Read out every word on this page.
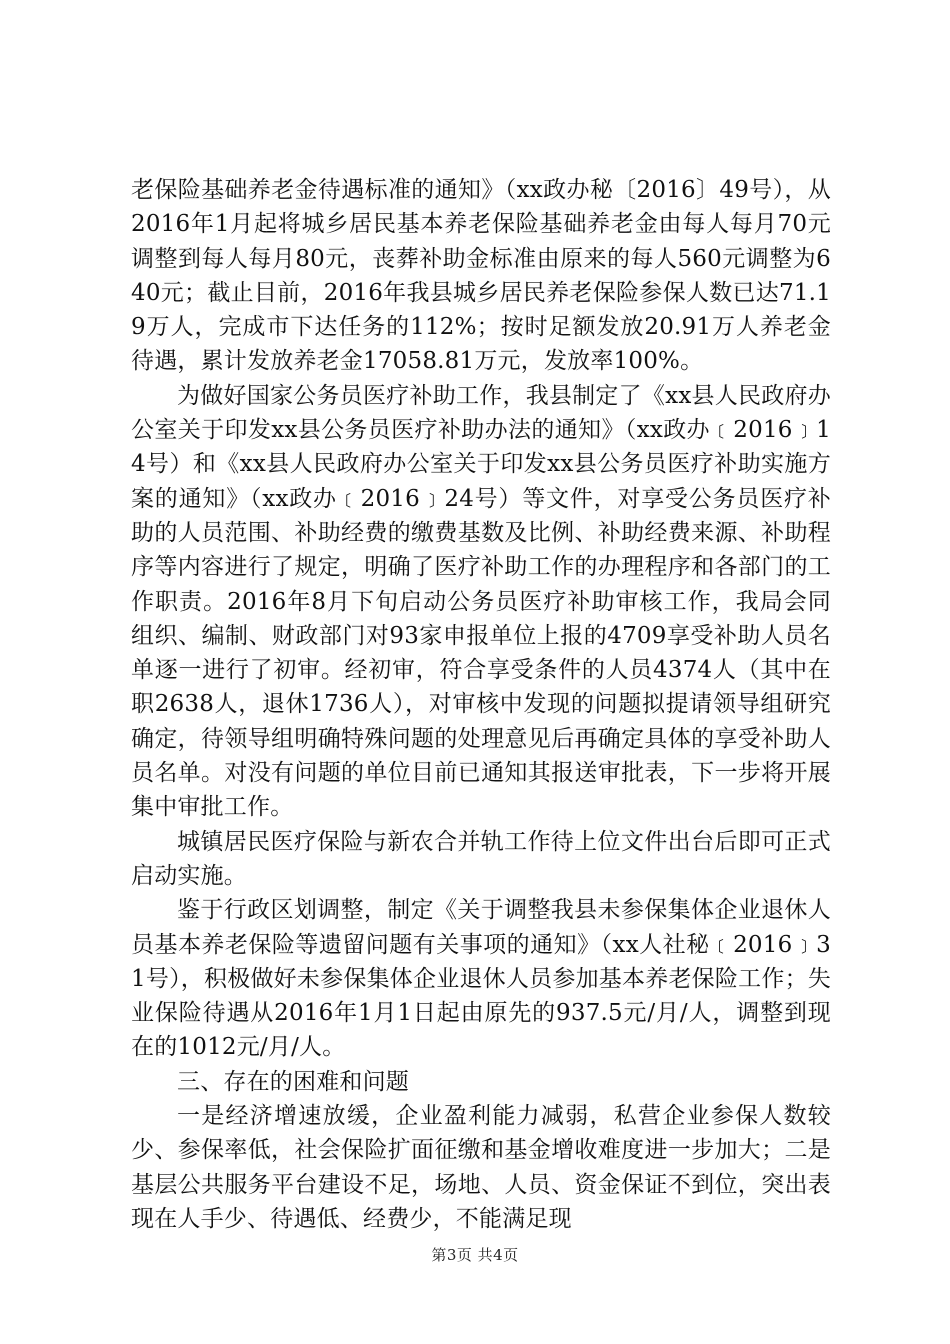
老保险基础养老金待遇标准的通知》（xx政办秘〔2016〕49号），从2016年1月起将城乡居民基本养老保险基础养老金由每人每月70元调整到每人每月80元，丧葬补助金标准由原来的每人560元调整为640元；截止目前，2016年我县城乡居民养老保险参保人数已达71.19万人，完成市下达任务的112%；按时足额发放20.91万人养老金待遇，累计发放养老金17058.81万元，发放率100%。

为做好国家公务员医疗补助工作，我县制定了《xx县人民政府办公室关于印发xx县公务员医疗补助办法的通知》（xx政办﹝2016﹞14号）和《xx县人民政府办公室关于印发xx县公务员医疗补助实施方案的通知》（xx政办﹝2016﹞24号）等文件，对享受公务员医疗补助的人员范围、补助经费的缴费基数及比例、补助经费来源、补助程序等内容进行了规定，明确了医疗补助工作的办理程序和各部门的工作职责。2016年8月下旬启动公务员医疗补助审核工作，我局会同组织、编制、财政部门对93家申报单位上报的4709享受补助人员名单逐一进行了初审。经初审，符合享受条件的人员4374人（其中在职2638人，退休1736人），对审核中发现的问题拟提请领导组研究确定，待领导组明确特殊问题的处理意见后再确定具体的享受补助人员名单。对没有问题的单位目前已通知其报送审批表，下一步将开展集中审批工作。

城镇居民医疗保险与新农合并轨工作待上位文件出台后即可正式启动实施。

鉴于行政区划调整，制定《关于调整我县未参保集体企业退休人员基本养老保险等遗留问题有关事项的通知》（xx人社秘﹝2016﹞31号），积极做好未参保集体企业退休人员参加基本养老保险工作；失业保险待遇从2016年1月1日起由原先的937.5元/月/人，调整到现在的1012元/月/人。

三、存在的困难和问题

一是经济增速放缓，企业盈利能力减弱，私营企业参保人数较少、参保率低，社会保险扩面征缴和基金增收难度进一步加大；二是基层公共服务平台建设不足，场地、人员、资金保证不到位，突出表现在人手少、待遇低、经费少，不能满足现

第3页 共4页
